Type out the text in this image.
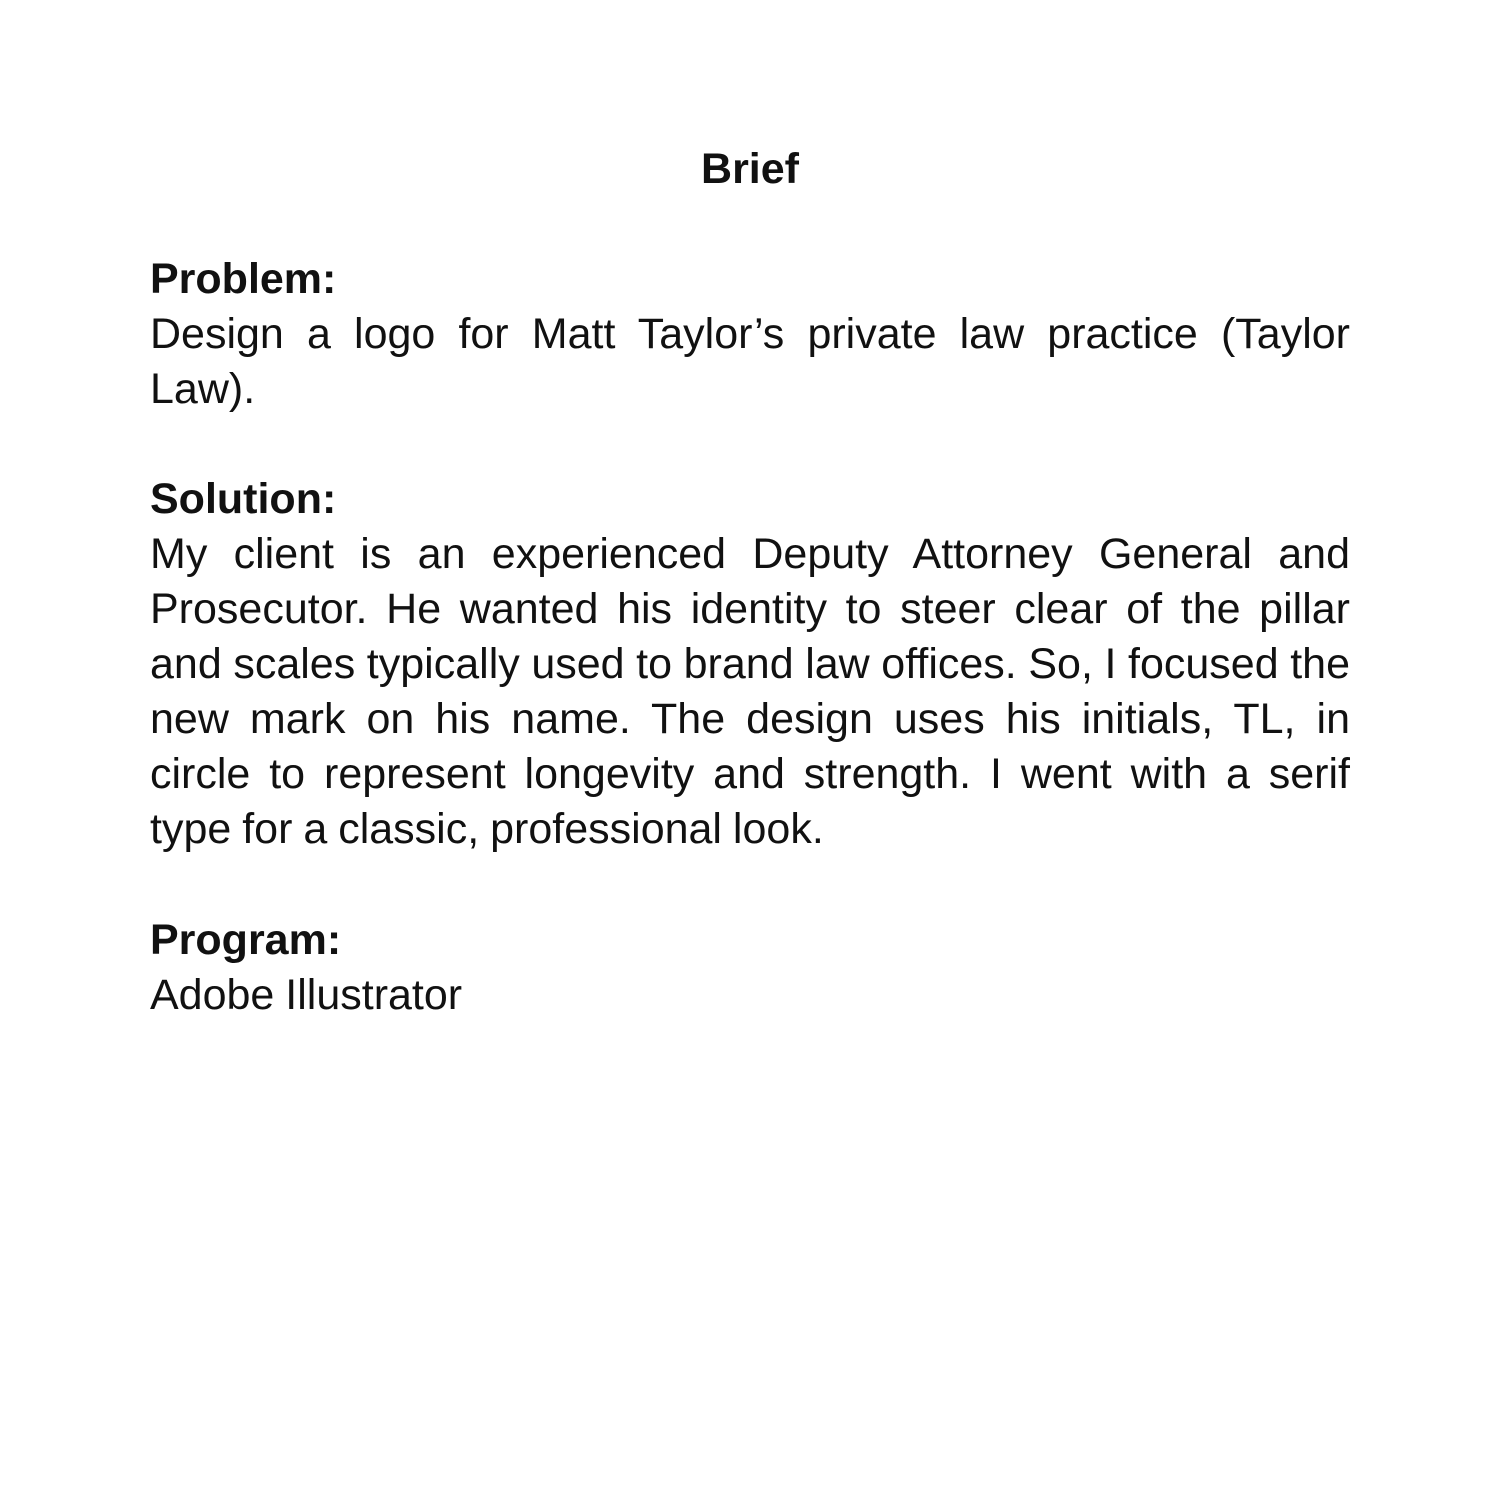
Brief

Problem:

Design a logo for Matt Taylor’s private law practice (Taylor Law).

Solution:

My client is an experienced Deputy Attorney General and Prosecutor. He wanted his identity to steer clear of the pillar and scales typically used to brand law offices. So, I focused the new mark on his name. The design uses his initials, TL, in circle to represent longevity and strength. I went with a serif type for a classic, professional look.

Program:

Adobe Illustrator
